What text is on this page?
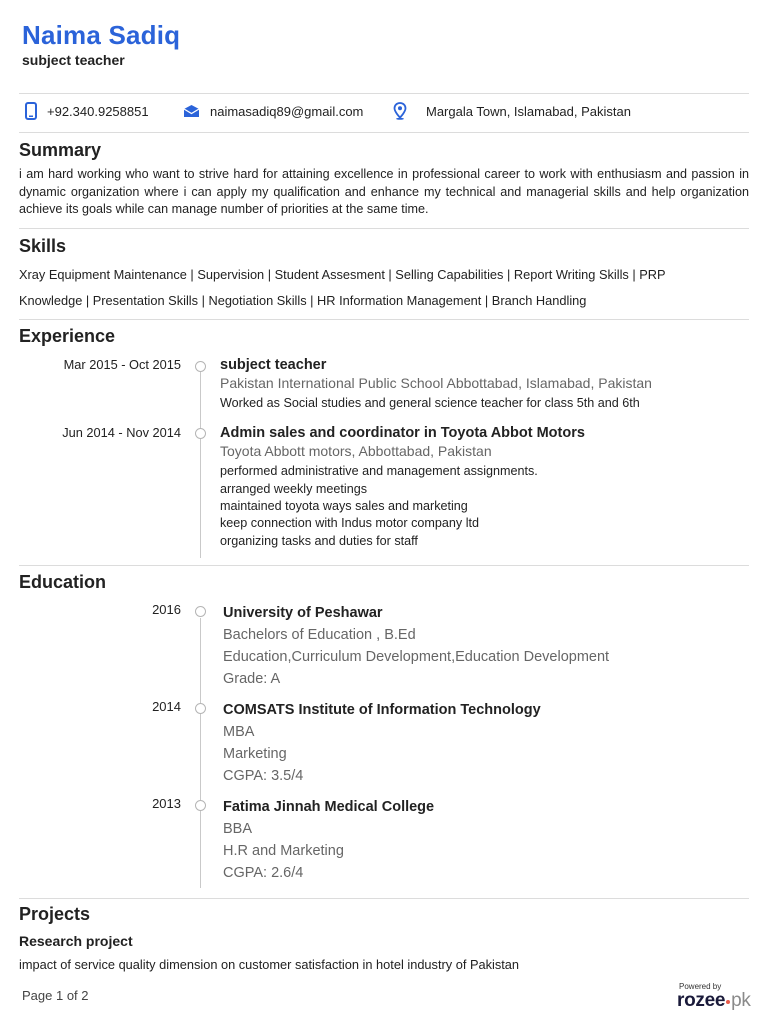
Naima Sadiq
subject teacher
+92.340.9258851	naimasadiq89@gmail.com	Margala Town, Islamabad, Pakistan
Summary
i am hard working who want to strive hard for attaining excellence in professional career to work with enthusiasm and passion in dynamic organization where i can apply my qualification and enhance my technical and managerial skills and help organization achieve its goals while can manage number of priorities at the same time.
Skills
Xray Equipment Maintenance | Supervision | Student Assesment | Selling Capabilities | Report Writing Skills | PRP Knowledge | Presentation Skills | Negotiation Skills | HR Information Management | Branch Handling
Experience
Mar 2015 - Oct 2015	subject teacher
Pakistan International Public School Abbottabad, Islamabad, Pakistan
Worked as Social studies and general science teacher for class 5th and 6th
Jun 2014 - Nov 2014	Admin sales and coordinator in Toyota Abbot Motors
Toyota Abbott motors, Abbottabad, Pakistan
performed administrative and management assignments.
arranged weekly meetings
maintained toyota ways sales and marketing
keep connection with Indus motor company ltd
organizing tasks and duties for staff
Education
2016	University of Peshawar
Bachelors of Education , B.Ed
Education,Curriculum Development,Education Development
Grade: A
2014	COMSATS Institute of Information Technology
MBA
Marketing
CGPA: 3.5/4
2013	Fatima Jinnah Medical College
BBA
H.R and Marketing
CGPA: 2.6/4
Projects
Research project
impact of service quality dimension on customer satisfaction in hotel industry of Pakistan
Page 1 of 2
Powered by
rozee pk
